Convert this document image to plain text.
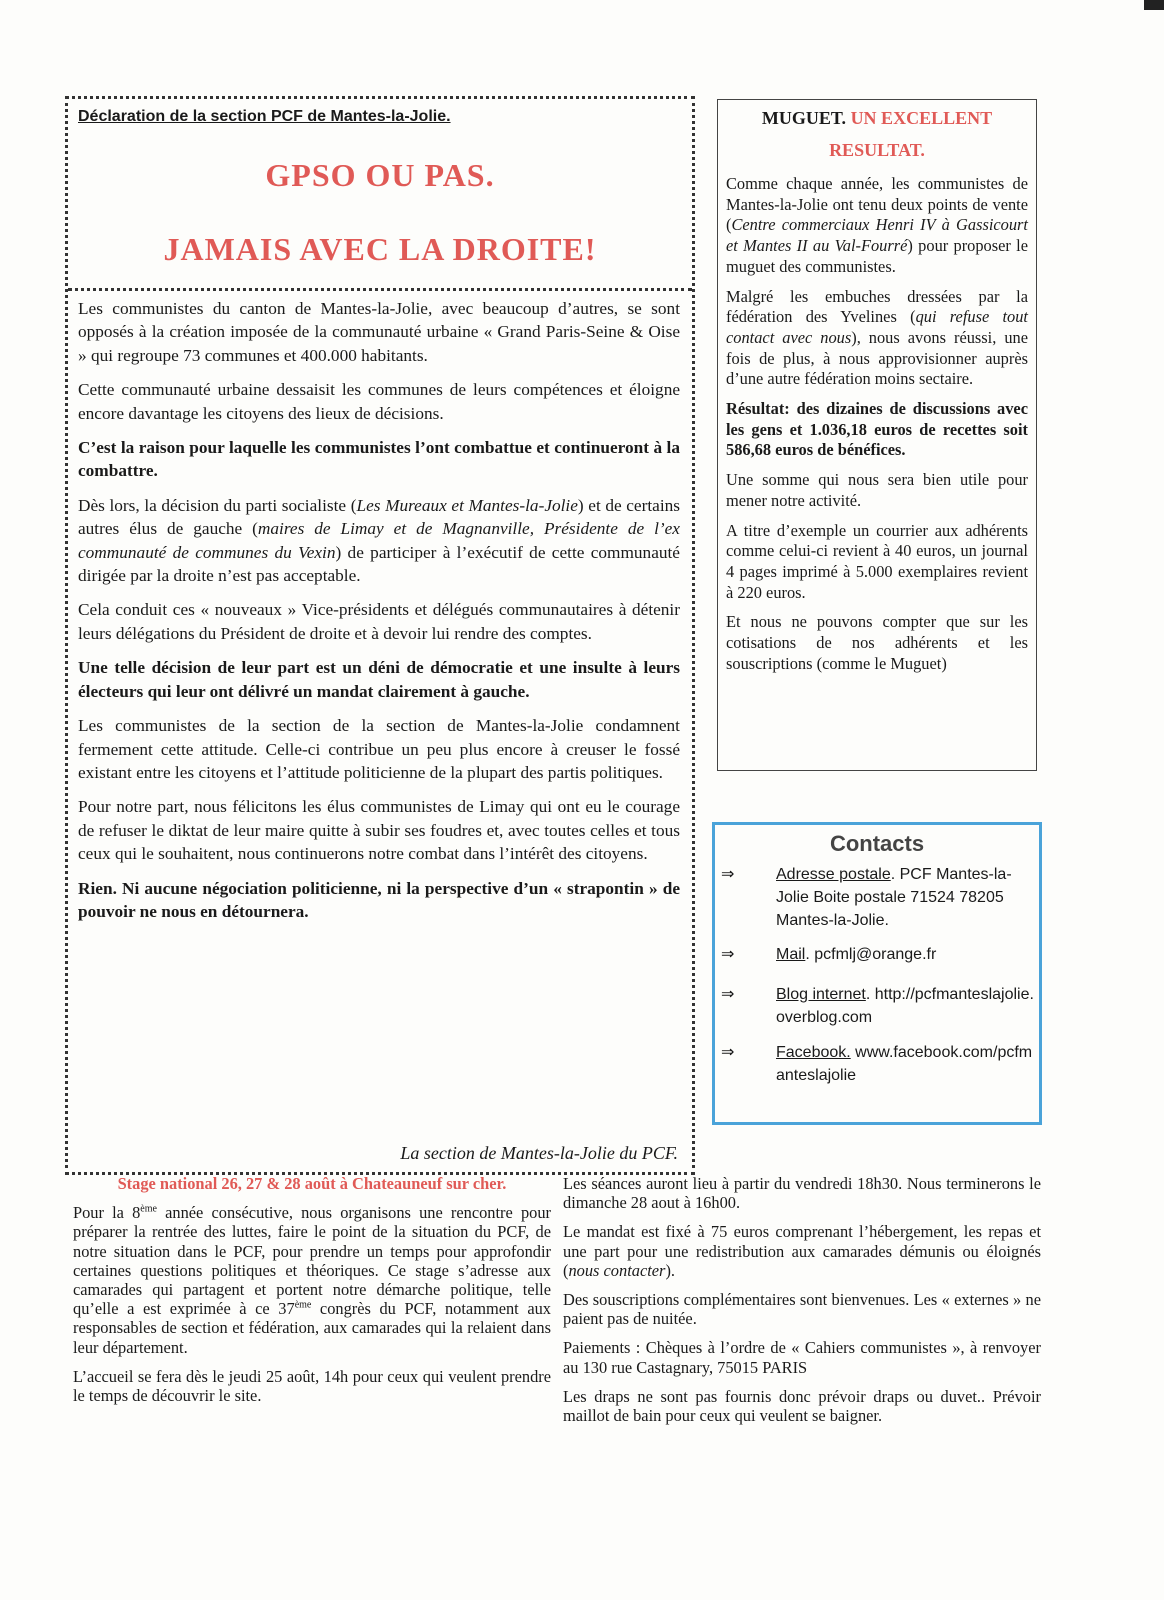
Déclaration de la section PCF de Mantes-la-Jolie.
GPSO OU PAS.
JAMAIS AVEC LA DROITE!

Les communistes du canton de Mantes-la-Jolie, avec beaucoup d’autres, se sont opposés à la création imposée de la communauté urbaine « Grand Paris-Seine & Oise » qui regroupe 73 communes et 400.000 habitants.

Cette communauté urbaine dessaisit les communes de leurs compétences et éloigne encore davantage les citoyens des lieux de décisions.

C’est la raison pour laquelle les communistes l’ont combattue et continueront à la combattre.

Dès lors, la décision du parti socialiste (Les Mureaux et Mantes-la-Jolie) et de certains autres élus de gauche (maires de Limay et de Magnanville, Présidente de l’ex communauté de communes du Vexin) de participer à l’exécutif de cette communauté dirigée par la droite n’est pas acceptable.

Cela conduit ces « nouveaux » Vice-présidents et délégués communautaires à détenir leurs délégations du Président de droite et à devoir lui rendre des comptes.

Une telle décision de leur part est un déni de démocratie et une insulte à leurs électeurs qui leur ont délivré un mandat clairement à gauche.

Les communistes de la section de la section de Mantes-la-Jolie condamnent fermement cette attitude. Celle-ci contribue un peu plus encore à creuser le fossé existant entre les citoyens et l’attitude politicienne de la plupart des partis politiques.

Pour notre part, nous félicitons les élus communistes de Limay qui ont eu le courage de refuser le diktat de leur maire quitte à subir ses foudres et, avec toutes celles et tous ceux qui le souhaitent, nous continuerons notre combat dans l’intérêt des citoyens.

Rien. Ni aucune négociation politicienne, ni la perspective d’un « strapontin » de pouvoir ne nous en détournera.

La section de Mantes-la-Jolie du PCF.
MUGUET. UN EXCELLENT RESULTAT.

Comme chaque année, les communistes de Mantes-la-Jolie ont tenu deux points de vente (Centre commerciaux Henri IV à Gassicourt et Mantes II au Val-Fourré) pour proposer le muguet des communistes.

Malgré les embuches dressées par la fédération des Yvelines (qui refuse tout contact avec nous), nous avons réussi, une fois de plus, à nous approvisionner auprès d’une autre fédération moins sectaire.

Résultat: des dizaines de discussions avec les gens et 1.036,18 euros de recettes soit 586,68 euros de bénéfices.

Une somme qui nous sera bien utile pour mener notre activité.

A titre d’exemple un courrier aux adhérents comme celui-ci revient à 40 euros, un journal 4 pages imprimé à 5.000 exemplaires revient à 220 euros.

Et nous ne pouvons compter que sur les cotisations de nos adhérents et les souscriptions (comme le Muguet)

Contacts
⇒	Adresse postale. PCF Mantes-la-Jolie Boite postale 71524 78205 Mantes-la-Jolie.
⇒	Mail. pcfmlj@orange.fr
⇒	Blog internet. http://pcfmanteslajolie.overblog.com
⇒	Facebook. www.facebook.com/pcfmanteslajolie
Stage national 26, 27 & 28 août à Chateauneuf sur cher.

Pour la 8ème année consécutive, nous organisons une rencontre pour préparer la rentrée des luttes, faire le point de la situation du PCF, de notre situation dans le PCF, pour prendre un temps pour approfondir certaines questions politiques et théoriques. Ce stage s’adresse aux camarades qui partagent et portent notre démarche politique, telle qu’elle a est exprimée à ce 37ème congrès du PCF, notamment aux responsables de section et fédération, aux camarades qui la relaient dans leur département.

L’accueil se fera dès le jeudi 25 août, 14h pour ceux qui veulent prendre le temps de découvrir le site.

Les séances auront lieu à partir du vendredi 18h30. Nous terminerons le dimanche 28 aout à 16h00.

Le mandat est fixé à 75 euros comprenant l’hébergement, les repas et une part pour une redistribution aux camarades démunis ou éloignés (nous contacter).

Des souscriptions complémentaires sont bienvenues. Les « externes » ne paient pas de nuitée.

Paiements : Chèques à l’ordre de « Cahiers communistes », à renvoyer au 130 rue Castagnary, 75015 PARIS

Les draps ne sont pas fournis donc prévoir draps ou duvet.. Prévoir maillot de bain pour ceux qui veulent se baigner.
